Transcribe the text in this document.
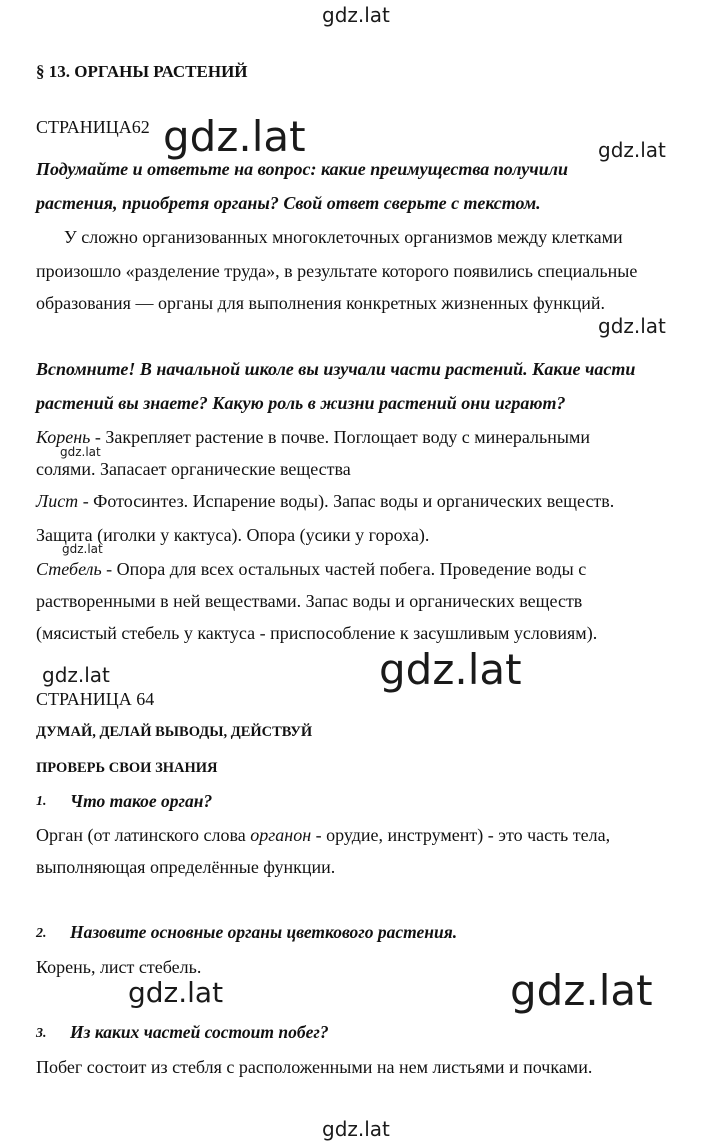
gdz.lat
gdz.lat	gdz.lat
gdz.lat
gdz.lat
gdz.lat
gdz.lat	gdz.lat
gdz.lat	gdz.lat
gdz.lat
§ 13. ОРГАНЫ РАСТЕНИЙ
СТРАНИЦА62
Подумайте и ответьте на вопрос: какие преимущества получили
растения, приобретя органы? Свой ответ сверьте с текстом.
У сложно организованных многоклеточных организмов между клетками
произошло «разделение труда», в результате которого появились специальные
образования — органы для выполнения конкретных жизненных функций.
Вспомните! В начальной школе вы изучали части растений. Какие части
растений вы знаете? Какую роль в жизни растений они играют?
Корень - Закрепляет растение в почве. Поглощает воду с минеральными
солями. Запасает органические вещества
Лист - Фотосинтез. Испарение воды). Запас воды и органических веществ.
Защита (иголки у кактуса). Опора (усики у гороха).
Стебель - Опора для всех остальных частей побега. Проведение воды с
растворенными в ней веществами. Запас воды и органических веществ
(мясистый стебель у кактуса - приспособление к засушливым условиям).
СТРАНИЦА 64
ДУМАЙ, ДЕЛАЙ ВЫВОДЫ, ДЕЙСТВУЙ
ПРОВЕРЬ СВОИ ЗНАНИЯ
1. Что такое орган?
Орган (от латинского слова органон - орудие, инструмент) - это часть тела,
выполняющая определённые функции.
2. Назовите основные органы цветкового растения.
Корень, лист стебель.
3. Из каких частей состоит побег?
Побег состоит из стебля с расположенными на нем листьями и почками.
